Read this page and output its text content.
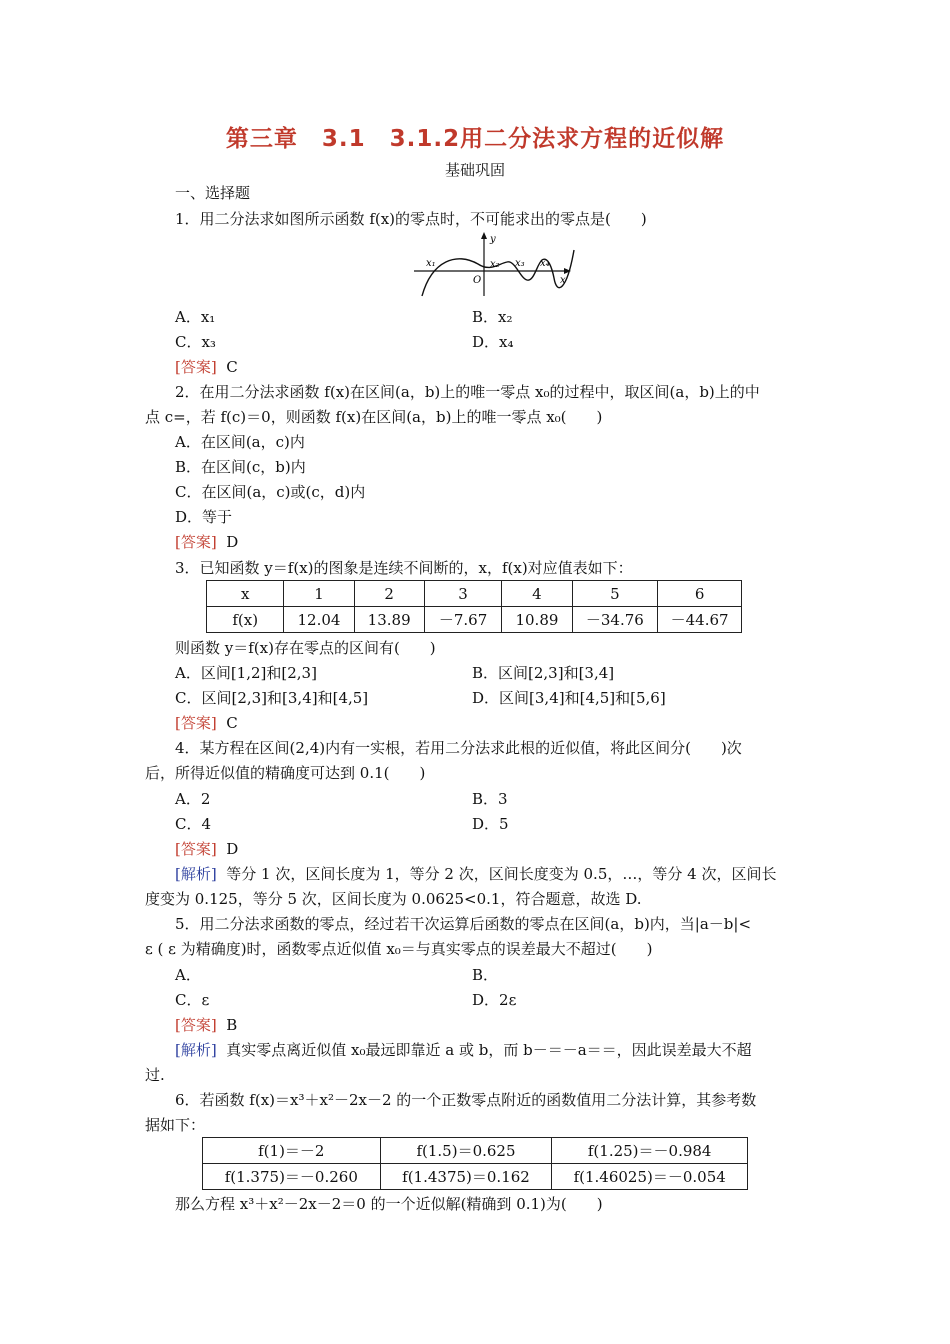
第三章　3.1　3.1.2用二分法求方程的近似解
基础巩固
一、选择题
1．用二分法求如图所示函数 f(x)的零点时，不可能求出的零点是(　　)
x₁
y
O
x₂ x₃ x₄
x
A．x₁	B．x₂
C．x₃	D．x₄
[答案] C
2．在用二分法求函数 f(x)在区间(a，b)上的唯一零点 x₀的过程中，取区间(a，b)上的中
点 c=，若 f(c)＝0，则函数 f(x)在区间(a，b)上的唯一零点 x₀(　　)
A．在区间(a，c)内
B．在区间(c，b)内
C．在区间(a，c)或(c，d)内
D．等于
[答案] D
3．已知函数 y＝f(x)的图象是连续不间断的，x，f(x)对应值表如下：
x	1	2	3	4	5	6
f(x)	12.04	13.89	－7.67	10.89	－34.76	－44.67
则函数 y＝f(x)存在零点的区间有(　　)
A．区间[1,2]和[2,3]	B．区间[2,3]和[3,4]
C．区间[2,3]和[3,4]和[4,5]	D．区间[3,4]和[4,5]和[5,6]
[答案] C
4．某方程在区间(2,4)内有一实根，若用二分法求此根的近似值，将此区间分(　　)次
后，所得近似值的精确度可达到 0.1(　　)
A．2	B．3
C．4	D．5
[答案] D
[解析] 等分 1 次，区间长度为 1，等分 2 次，区间长度变为 0.5，…，等分 4 次，区间长
度变为 0.125，等分 5 次，区间长度为 0.0625<0.1，符合题意，故选 D.
5．用二分法求函数的零点，经过若干次运算后函数的零点在区间(a，b)内，当|a－b|<
ε ( ε 为精确度)时，函数零点近似值 x₀＝与真实零点的误差最大不超过(　　)
A．	B．
C．ε	D．2ε
[答案] B
[解析] 真实零点离近似值 x₀最远即靠近 a 或 b，而 b－＝－a＝＝，因此误差最大不超
过.
6．若函数 f(x)＝x³＋x²－2x－2 的一个正数零点附近的函数值用二分法计算，其参考数
据如下：
f(1)＝－2	f(1.5)＝0.625	f(1.25)＝－0.984
f(1.375)＝－0.260	f(1.4375)＝0.162	f(1.46025)＝－0.054
那么方程 x³＋x²－2x－2＝0 的一个近似解(精确到 0.1)为(　　)
